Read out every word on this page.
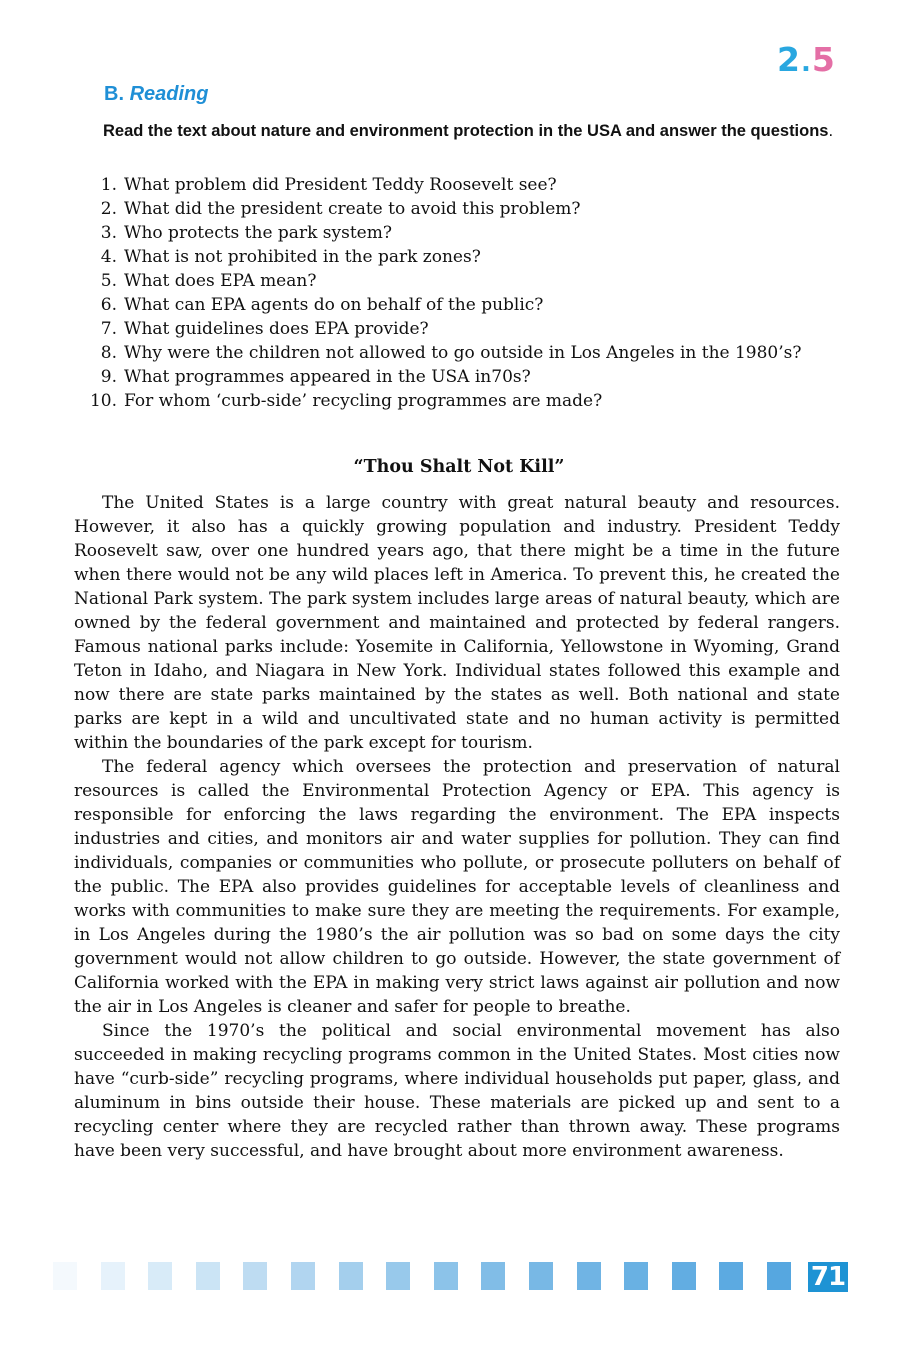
2.5
B. Reading
Read the text about nature and environment protection in the USA and answer the questions.
1. What problem did President Teddy Roosevelt see?
2. What did the president create to avoid this problem?
3. Who protects the park system?
4. What is not prohibited in the park zones?
5. What does EPA mean?
6. What can EPA agents do on behalf of the public?
7. What guidelines does EPA provide?
8. Why were the children not allowed to go outside in Los Angeles in the 1980’s?
9. What programmes appeared in the USA in70s?
10. For whom ‘curb-side’ recycling programmes are made?
“Thou Shalt Not Kill”

The United States is a large country with great natural beauty and resources. However, it also has a quickly growing population and industry. President Teddy Roosevelt saw, over one hundred years ago, that there might be a time in the future when there would not be any wild places left in America. To prevent this, he created the National Park system. The park system includes large areas of natural beauty, which are owned by the federal government and maintained and protected by federal rangers. Famous national parks include: Yosemite in California, Yellowstone in Wyoming, Grand Teton in Idaho, and Niagara in New York. Individual states followed this example and now there are state parks maintained by the states as well. Both national and state parks are kept in a wild and uncultivated state and no human activity is permitted within the boundaries of the park except for tourism.

The federal agency which oversees the protection and preservation of natural resources is called the Environmental Protection Agency or EPA. This agency is responsible for enforcing the laws regarding the environment. The EPA inspects industries and cities, and monitors air and water supplies for pollution. They can find individuals, companies or communities who pollute, or prosecute polluters on behalf of the public. The EPA also provides guidelines for acceptable levels of cleanliness and works with communities to make sure they are meeting the requirements. For example, in Los Angeles during the 1980’s the air pollution was so bad on some days the city government would not allow children to go outside. However, the state government of California worked with the EPA in making very strict laws against air pollution and now the air in Los Angeles is cleaner and safer for people to breathe.

Since the 1970’s the political and social environmental movement has also succeeded in making recycling programs common in the United States. Most cities now have “curb-side” recycling programs, where individual households put paper, glass, and aluminum in bins outside their house. These materials are picked up and sent to a recycling center where they are recycled rather than thrown away. These programs have been very successful, and have brought about more environment awareness.

71
